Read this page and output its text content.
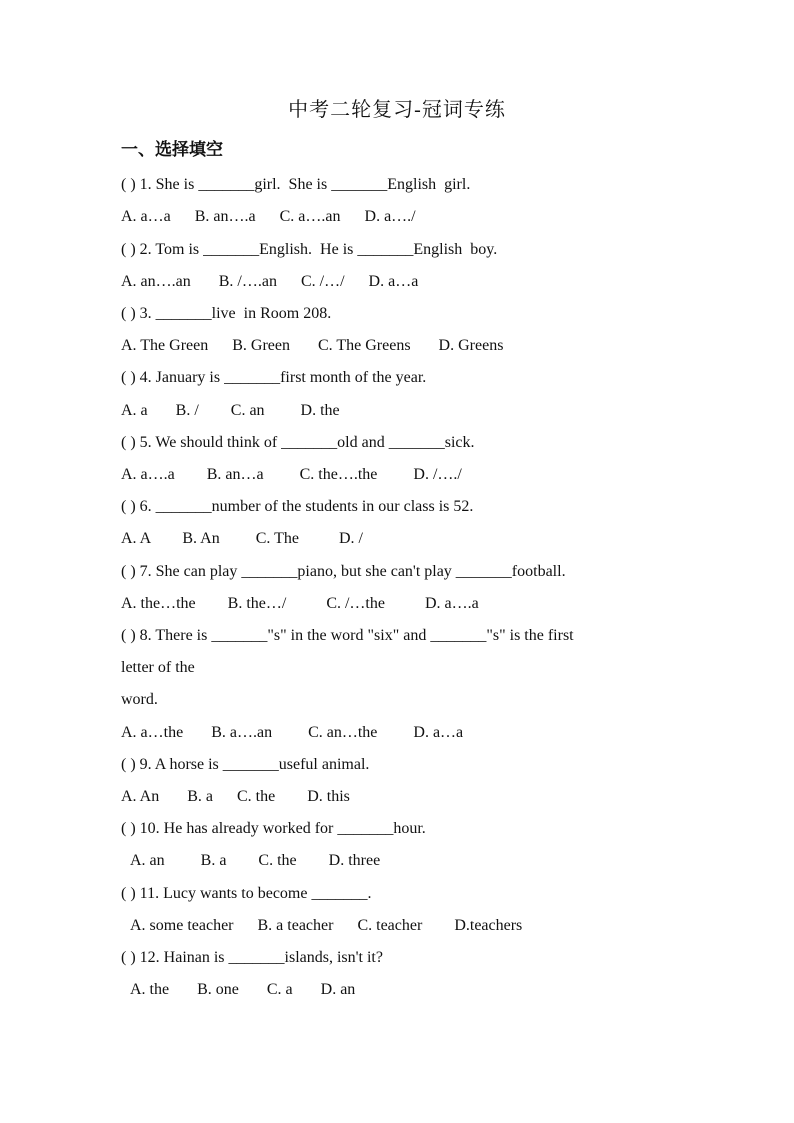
中考二轮复习-冠词专练
一、选择填空
( ) 1. She is _______girl.  She is _______English  girl.
A. a…a      B. an….a      C. a….an      D. a…./
( ) 2. Tom is _______English.  He is _______English  boy.
A. an….an       B. /….an      C. /…/      D. a…a
( ) 3. _______live  in Room 208.
A. The Green      B. Green       C. The Greens       D. Greens
( ) 4. January is _______first month of the year.
A. a       B. /        C. an         D. the
( ) 5. We should think of _______old and _______sick.
A. a….a        B. an…a         C. the….the         D. /…./
( ) 6. _______number of the students in our class is 52.
A. A        B. An         C. The          D. /
( ) 7. She can play _______piano, but she can't play _______football.
A. the…the        B. the…/          C. /…the          D. a….a
( ) 8. There is _______"s" in the word "six" and _______"s" is the first
letter of the
word.
A. a…the       B. a….an         C. an…the         D. a…a
( ) 9. A horse is _______useful animal.
A. An       B. a      C. the        D. this
( ) 10. He has already worked for _______hour.
A. an         B. a        C. the        D. three
( ) 11. Lucy wants to become _______.
A. some teacher      B. a teacher      C. teacher        D.teachers
( ) 12. Hainan is _______islands, isn't it?
A. the       B. one       C. a       D. an
